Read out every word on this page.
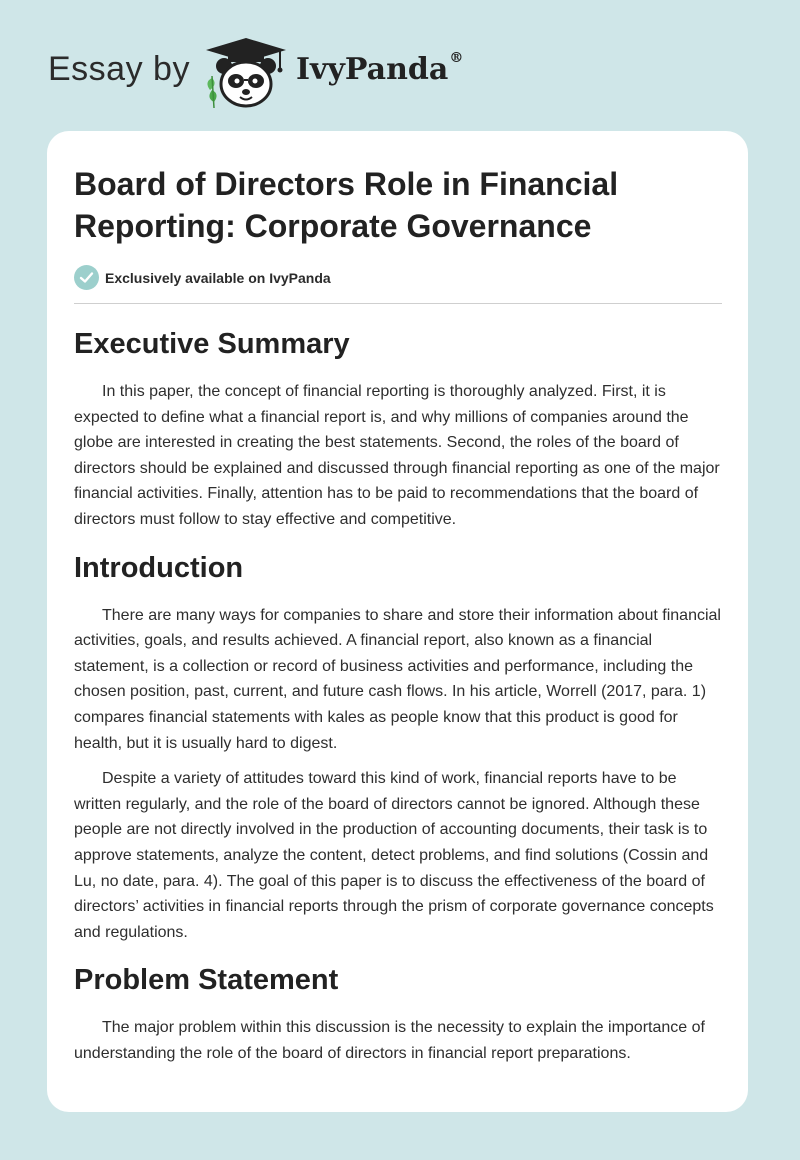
Essay by	IvyPanda®
Board of Directors Role in Financial Reporting: Corporate Governance
Exclusively available on IvyPanda
Executive Summary

In this paper, the concept of financial reporting is thoroughly analyzed. First, it is expected to define what a financial report is, and why millions of companies around the globe are interested in creating the best statements. Second, the roles of the board of directors should be explained and discussed through financial reporting as one of the major financial activities. Finally, attention has to be paid to recommendations that the board of directors must follow to stay effective and competitive.

Introduction

There are many ways for companies to share and store their information about financial activities, goals, and results achieved. A financial report, also known as a financial statement, is a collection or record of business activities and performance, including the chosen position, past, current, and future cash flows. In his article, Worrell (2017, para. 1) compares financial statements with kales as people know that this product is good for health, but it is usually hard to digest.

Despite a variety of attitudes toward this kind of work, financial reports have to be written regularly, and the role of the board of directors cannot be ignored. Although these people are not directly involved in the production of accounting documents, their task is to approve statements, analyze the content, detect problems, and find solutions (Cossin and Lu, no date, para. 4). The goal of this paper is to discuss the effectiveness of the board of directors’ activities in financial reports through the prism of corporate governance concepts and regulations.

Problem Statement

The major problem within this discussion is the necessity to explain the importance of understanding the role of the board of directors in financial report preparations.
